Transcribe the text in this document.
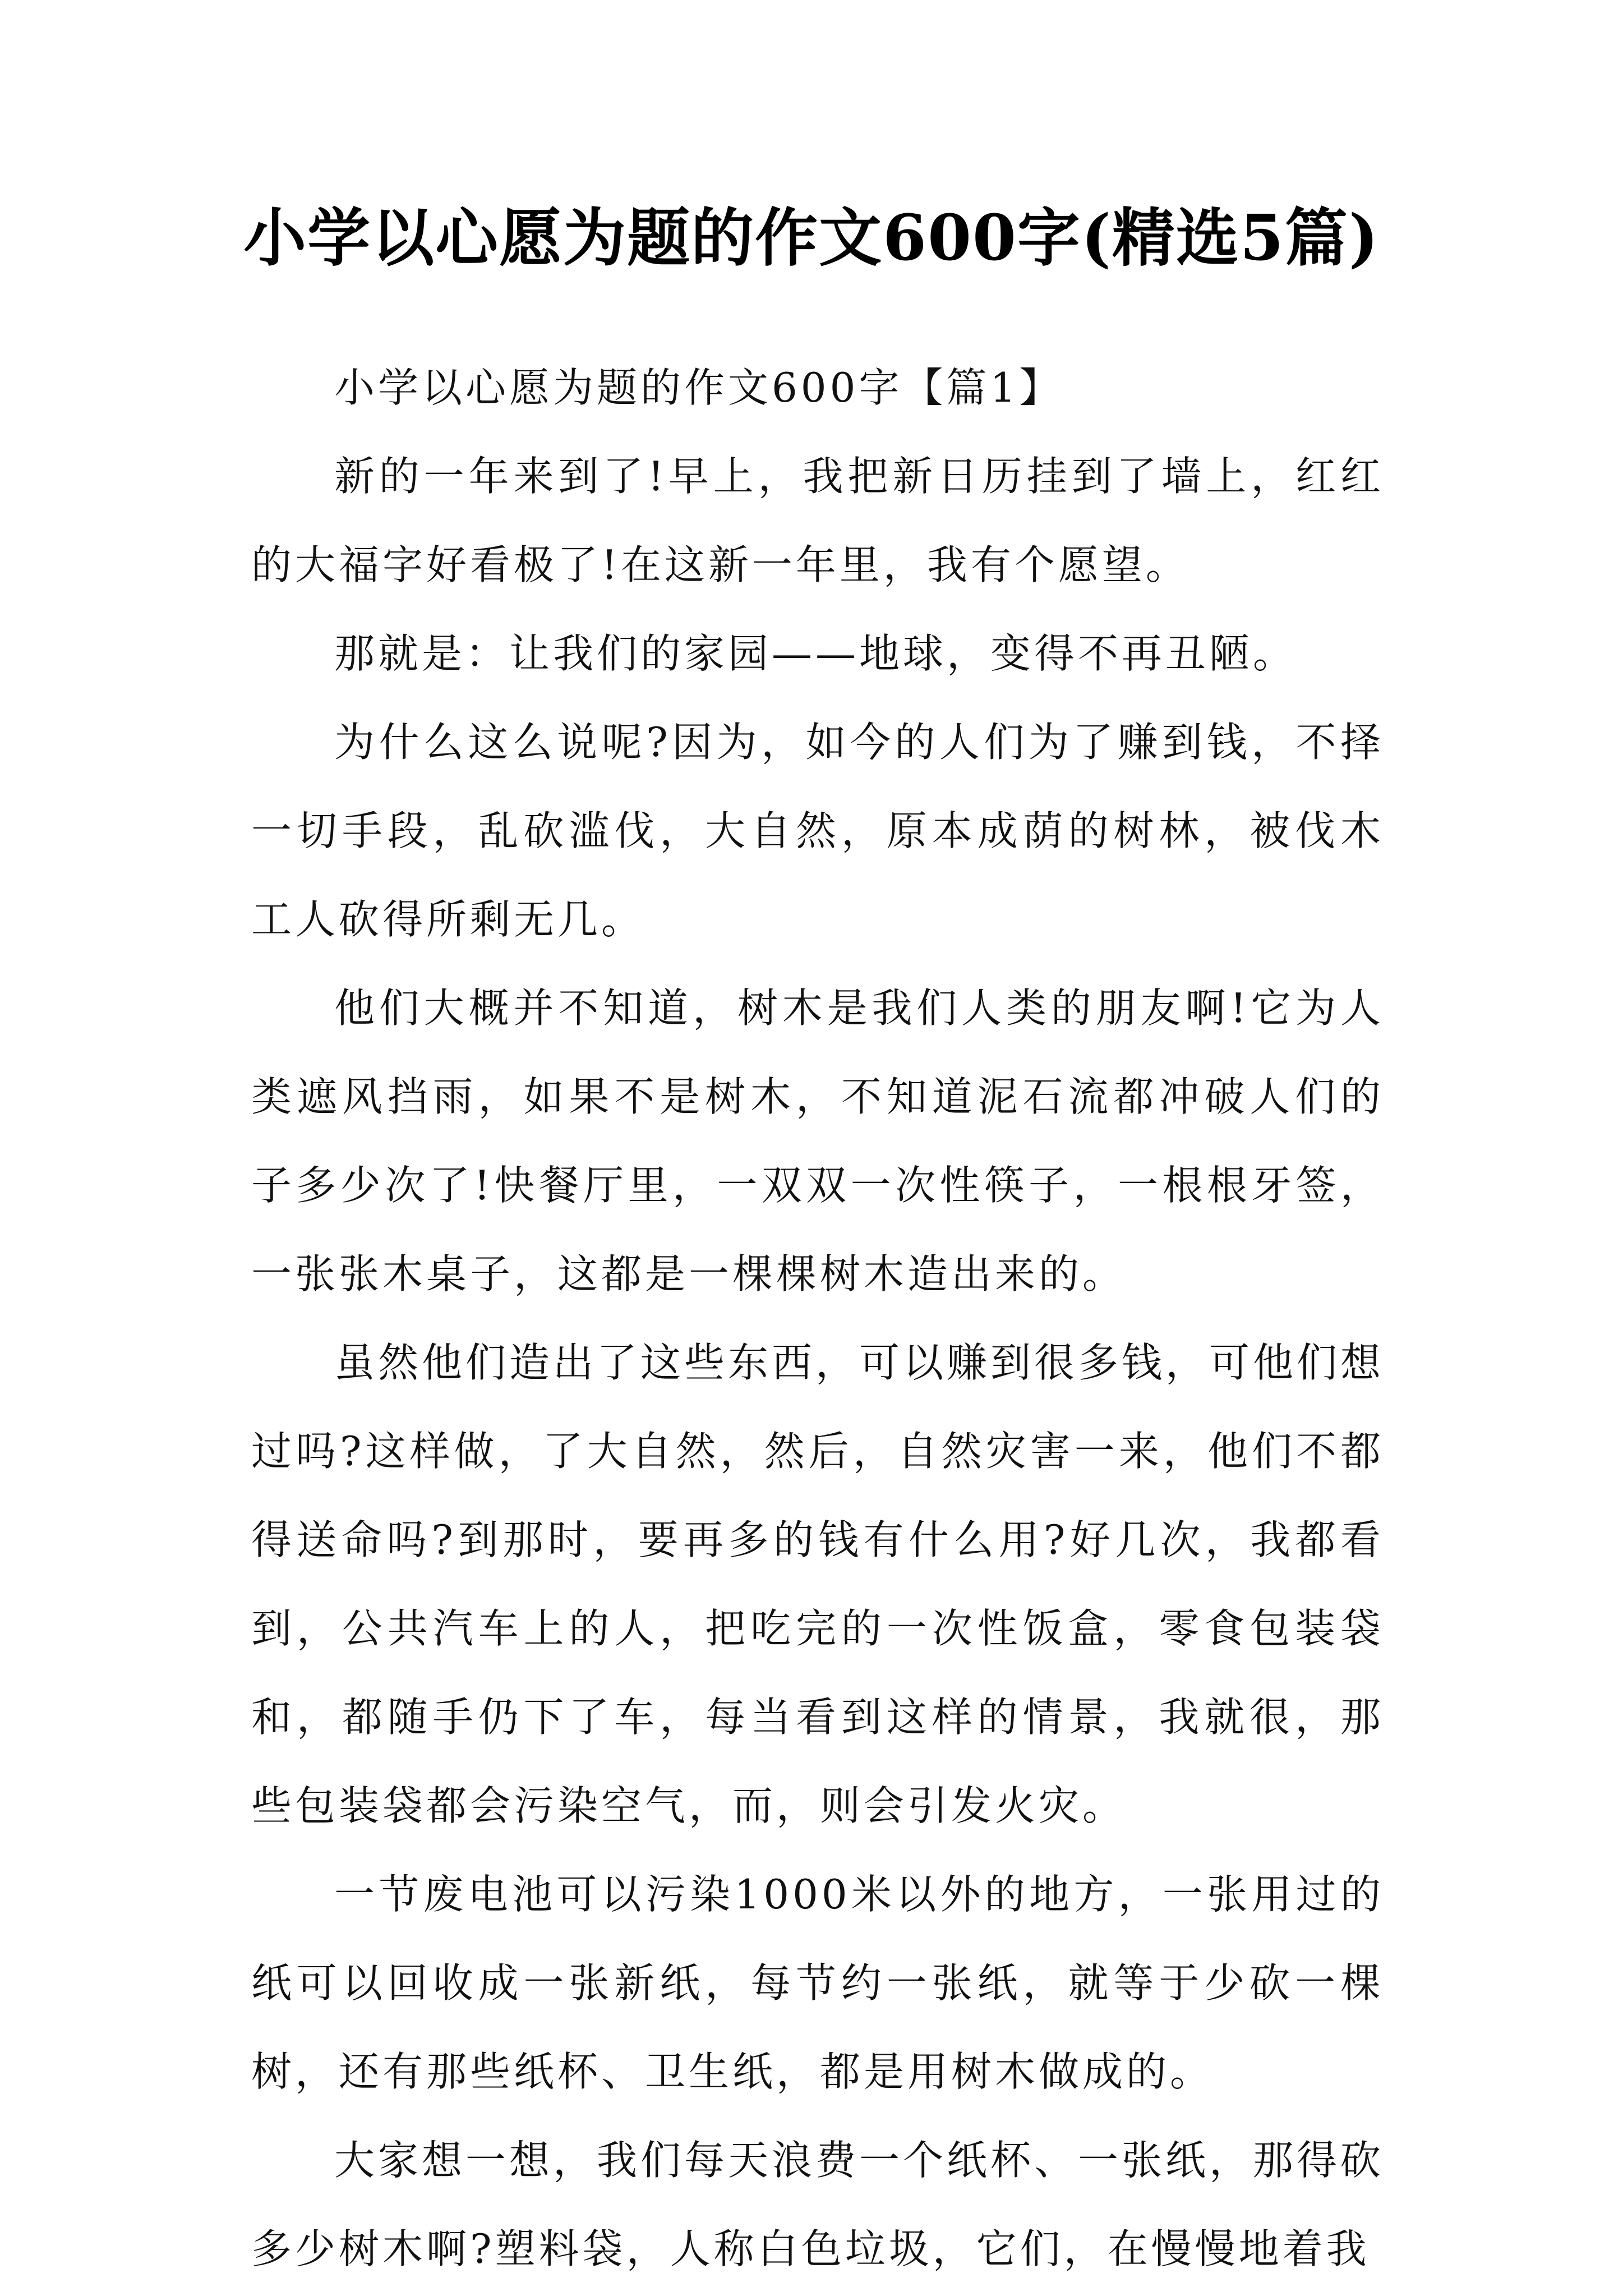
小学以心愿为题的作文600字(精选5篇)

小学以心愿为题的作文600字【篇1】

新的一年来到了!早上，我把新日历挂到了墙上，红红的大福字好看极了!在这新一年里，我有个愿望。

那就是：让我们的家园——地球，变得不再丑陋。

为什么这么说呢?因为，如今的人们为了赚到钱，不择一切手段，乱砍滥伐，大自然，原本成荫的树林，被伐木工人砍得所剩无几。

他们大概并不知道，树木是我们人类的朋友啊!它为人类遮风挡雨，如果不是树木，不知道泥石流都冲破人们的子多少次了!快餐厅里，一双双一次性筷子，一根根牙签，一张张木桌子，这都是一棵棵树木造出来的。

虽然他们造出了这些东西，可以赚到很多钱，可他们想过吗?这样做，了大自然，然后，自然灾害一来，他们不都得送命吗?到那时，要再多的钱有什么用?好几次，我都看到，公共汽车上的人，把吃完的一次性饭盒，零食包装袋和，都随手仍下了车，每当看到这样的情景，我就很，那些包装袋都会污染空气，而，则会引发火灾。

一节废电池可以污染1000米以外的地方，一张用过的纸可以回收成一张新纸，每节约一张纸，就等于少砍一棵树，还有那些纸杯、卫生纸，都是用树木做成的。

大家想一想，我们每天浪费一个纸杯、一张纸，那得砍多少树木啊?塑料袋，人称白色垃圾，它们，在慢慢地着我
